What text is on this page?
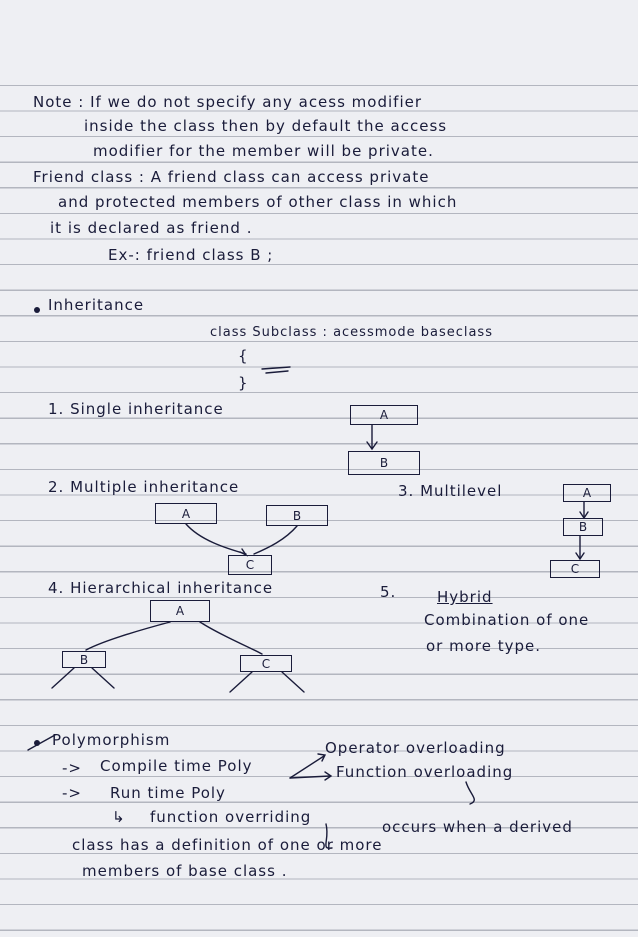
Note : If we do not specify any acess modifier
inside the class then by default the access
modifier for the member will be private.
Friend class : A friend class can access private
and protected members of other class in which
it is declared as friend .
Ex-: friend class B ;
Inheritance
class Subclass : acessmode baseclass
{
}
1. Single inheritance	A
B
2. Multiple inheritance
A	B
C
3. Multilevel	A
B
C
4. Hierarchical inheritance
A
B	C
5.	Hybrid
Combination of one
or more type.
Polymorphism	Operator overloading
-> Compile time Poly	Function overloading
-> Run time Poly
↳ function overriding
occurs when a derived
class has a definition of one or more
members of base class .
